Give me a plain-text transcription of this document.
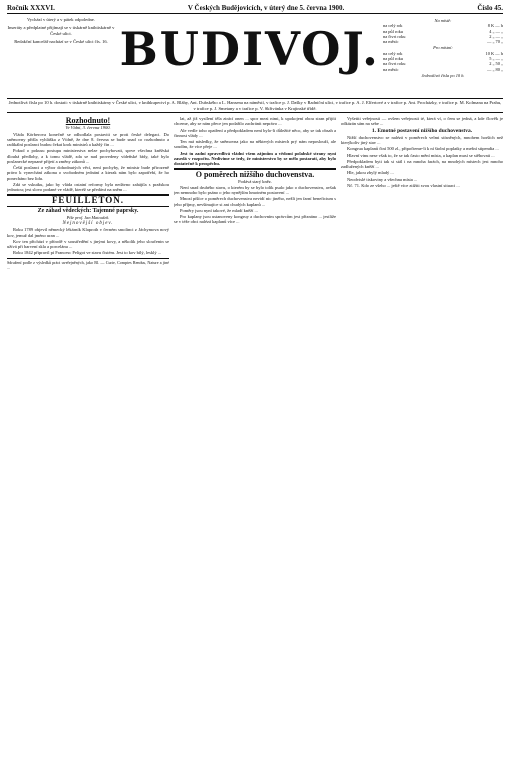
Ročník XXXVI.	V Českých Budějovicích, v úterý dne 5. června 1900.	Číslo 45.

Vychází v úterý a v pátek odpoledne.

Inseráty a předplatné přijímají se v tiskárně knihtiskárně v České ulici.

Redakční kancelář nachází se v České ulici čís. 16. BUDIVOJ.
Na místě:
na celý rok	8 K — h
na půl roku	4 „ — „
na čtvrt roku	2 „ — „
na měsíc	— „ 70 „
Pro místní:
na celý rok	10 K — h
na půl roku	5 „ — „
na čtvrt roku	2 „ 50 „
na měsíc	— „ 80 „
Jednotlivá čísla po 10 h.
Jednotlivá čísla po 10 h. dostati: v tiskárně knihtiskárny v České ulici, v knihkupectví p. A. Bláhy, Ant. Dubského a L. Hansena na náměstí, v trafice p. J. Dašky v Radniční ulici, v trafice p. A. J. Elfertové a v trafice p. Ant. Procházky, v trafice p. M. Kolmana na Prahu, v trafice p. J. Smetany a v trafice p. V. Skřivánka v Krajinské třídě.
Rozhodnuto!
Ve Vídni, 3. června 1900.

Vláda Körberova konečně se odhodlala postaviti se proti české delegaci. Do sněmovny přišla vyhláška z Vídně, že dne 8. června se bude snad co rozhodnuto a radikální poslanci budou čekat krok ministrů a každý čin ...

Pokud o pokusu postupu ministerstva nelze pochybovati, sprve všechna kněžská dlouhá předlohy, a k tomu vládě, zda se nad provedeny vídeňské řády, také bylo poslanecké nepsané přijetí a změny zákonů ...

Čeští poslanci a výbor dohodnutých věcí, není pochyby, že ministr bude přirozeně právo k vynechání zákona o svobodném jednání a kterak nám bylo zapotřebí, že ho ponecháno bez lidu.

Zdá se vskutku, jako by vláda ostatní reformy byla nedávno zahájila s pražskou jednotou; jest slovo podané ve vládě, kteréž se předává na sněm ...

FEUILLETON.
Ze záhad vědeckých: Tajemné paprsky.
Píše prof. Jan Matoušek.
Nejnovější objev.

Roku 1789 objevil německý lékárník Klaproth v černém smolinci z Jáchymova nový kov, jemuž dal jméno uran ...

Kov ten přichází v přírodě v soustředění s jinými kovy, a několik jeho sloučenin se užívá při barvení skla a porcelánu ...

Roku 1842 připravil pí Francesc Peligot ve stavu čistém. Jest to kov bílý, lesklý ...

Sdružení podle z výsledků práci uveřejněných, jako Bl. — Curie, Comptes Rendus, Nature a jiné ...

lat, až již vysílení těla ztrácí onen ... spor mezi nimi, k upokojení obou stran přijíti chceme, aby se nám přece jen podařilo zachránit neprávo ...

Ale vedle toho opatření a předpokladem není bylo-li důležité něco, aby se tak obsah a činnost vlády ...

Ten má následky, že sněmovna jako na některých místech prý nám neposlouží, ale soudím, že více přeje ...

Jest tu zadní zpravedlivá vládní všem zájmům a vědomí polabské strany nyní zasedá v rozpočtu. Nedivíme se tedy, že ministerstvo by se mělo postarati, aby bylo dostatečně k prospěchu.

O poměrech nižšího duchovenstva.
Podává starý kněz.

Není snad druhého stavu, o kterém by se bylo tolik psalo jako o duchovenstvu, avšak jen nemnoho bylo psáno o jeho nynějším hmotném postavení ...

Mnozí píšíce o poměrech duchovenstva nevidí nic jiného, nežli jen farní beneficium s jeho příjmy, nevšímajíce si ani chudých kaplanů ...

Poměry jsou nyní takové, že mladí kněží ...

Pro kaplany jsou ustanoveny kongruy a duchovním správcům jest přiznáno ... jestliže se v téže obci nalézá kaplanů více ...

Vyšetiti veřejnosti — ovšem veřejnosti té, která ví, o čem se jedná, a kde člověk je odkázán sám na sebe ...

1. Emotné postavení nižšího duchovenstva.

Nižší duchovenstvo se nalézá v poměrech velmi stísněných, mnohem horších než kterýkoliv jiný stav ...

Kongrua kaplanů činí 500 zl., připočteme-li k ní štolní poplatky a mešní stipendia ...

Hlavní vinu nese však to, že se tak často mění místa, a kaplan musí se stěhovati ...

Předpokladem byti tak si stál i na mnoha farách, na mnohých místech jest mnoho zadlužených kněží ...

Hle, jakou zbylý mladý ...

Neodvislé tiskoviny a všechna místa ...

Nč. 71. Kdo ze všeho ... ještě více ztížiti svou vlastní situaci ...
